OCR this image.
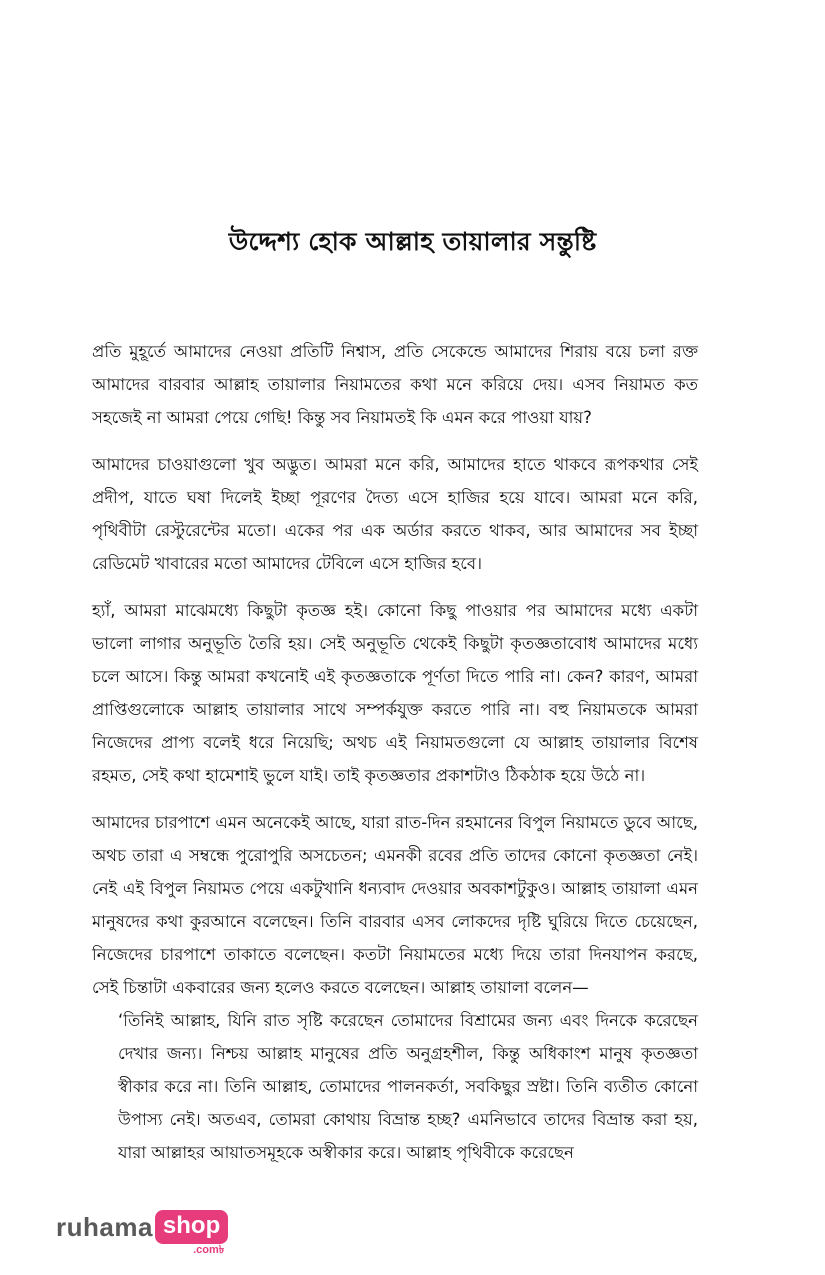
উদ্দেশ্য হোক আল্লাহ তায়ালার সন্তুষ্টি

প্রতি মুহূর্তে আমাদের নেওয়া প্রতিটি নিশ্বাস, প্রতি সেকেন্ডে আমাদের শিরায় বয়ে চলা রক্ত আমাদের বারবার আল্লাহ তায়ালার নিয়ামতের কথা মনে করিয়ে দেয়। এসব নিয়ামত কত সহজেই না আমরা পেয়ে গেছি! কিন্তু সব নিয়ামতই কি এমন করে পাওয়া যায়?

আমাদের চাওয়াগুলো খুব অদ্ভুত। আমরা মনে করি, আমাদের হাতে থাকবে রূপকথার সেই প্রদীপ, যাতে ঘষা দিলেই ইচ্ছা পূরণের দৈত্য এসে হাজির হয়ে যাবে। আমরা মনে করি, পৃথিবীটা রেস্টুরেন্টের মতো। একের পর এক অর্ডার করতে থাকব, আর আমাদের সব ইচ্ছা রেডিমেট খাবারের মতো আমাদের টেবিলে এসে হাজির হবে।

হ্যাঁ, আমরা মাঝেমধ্যে কিছুটা কৃতজ্ঞ হই। কোনো কিছু পাওয়ার পর আমাদের মধ্যে একটা ভালো লাগার অনুভূতি তৈরি হয়। সেই অনুভূতি থেকেই কিছুটা কৃতজ্ঞতাবোধ আমাদের মধ্যে চলে আসে। কিন্তু আমরা কখনোই এই কৃতজ্ঞতাকে পূর্ণতা দিতে পারি না। কেন? কারণ, আমরা প্রাপ্তিগুলোকে আল্লাহ তায়ালার সাথে সম্পর্কযুক্ত করতে পারি না। বহু নিয়ামতকে আমরা নিজেদের প্রাপ্য বলেই ধরে নিয়েছি; অথচ এই নিয়ামতগুলো যে আল্লাহ তায়ালার বিশেষ রহমত, সেই কথা হামেশাই ভুলে যাই। তাই কৃতজ্ঞতার প্রকাশটাও ঠিকঠাক হয়ে উঠে না।

আমাদের চারপাশে এমন অনেকেই আছে, যারা রাত-দিন রহমানের বিপুল নিয়ামতে ডুবে আছে, অথচ তারা এ সম্বন্ধে পুরোপুরি অসচেতন; এমনকী রবের প্রতি তাদের কোনো কৃতজ্ঞতা নেই। নেই এই বিপুল নিয়ামত পেয়ে একটুখানি ধন্যবাদ দেওয়ার অবকাশটুকুও। আল্লাহ তায়ালা এমন মানুষদের কথা কুরআনে বলেছেন। তিনি বারবার এসব লোকদের দৃষ্টি ঘুরিয়ে দিতে চেয়েছেন, নিজেদের চারপাশে তাকাতে বলেছেন। কতটা নিয়ামতের মধ্যে দিয়ে তারা দিনযাপন করছে, সেই চিন্তাটা একবারের জন্য হলেও করতে বলেছেন। আল্লাহ তায়ালা বলেন—

‘তিনিই আল্লাহ, যিনি রাত সৃষ্টি করেছেন তোমাদের বিশ্রামের জন্য এবং দিনকে করেছেন দেখার জন্য। নিশ্চয় আল্লাহ মানুষের প্রতি অনুগ্রহশীল, কিন্তু অধিকাংশ মানুষ কৃতজ্ঞতা স্বীকার করে না। তিনি আল্লাহ, তোমাদের পালনকর্তা, সবকিছুর স্রষ্টা। তিনি ব্যতীত কোনো উপাস্য নেই। অতএব, তোমরা কোথায় বিভ্রান্ত হচ্ছ? এমনিভাবে তাদের বিভ্রান্ত করা হয়, যারা আল্লাহর আয়াতসমূহকে অস্বীকার করে। আল্লাহ পৃথিবীকে করেছেন

ruhama shop
.com৳
